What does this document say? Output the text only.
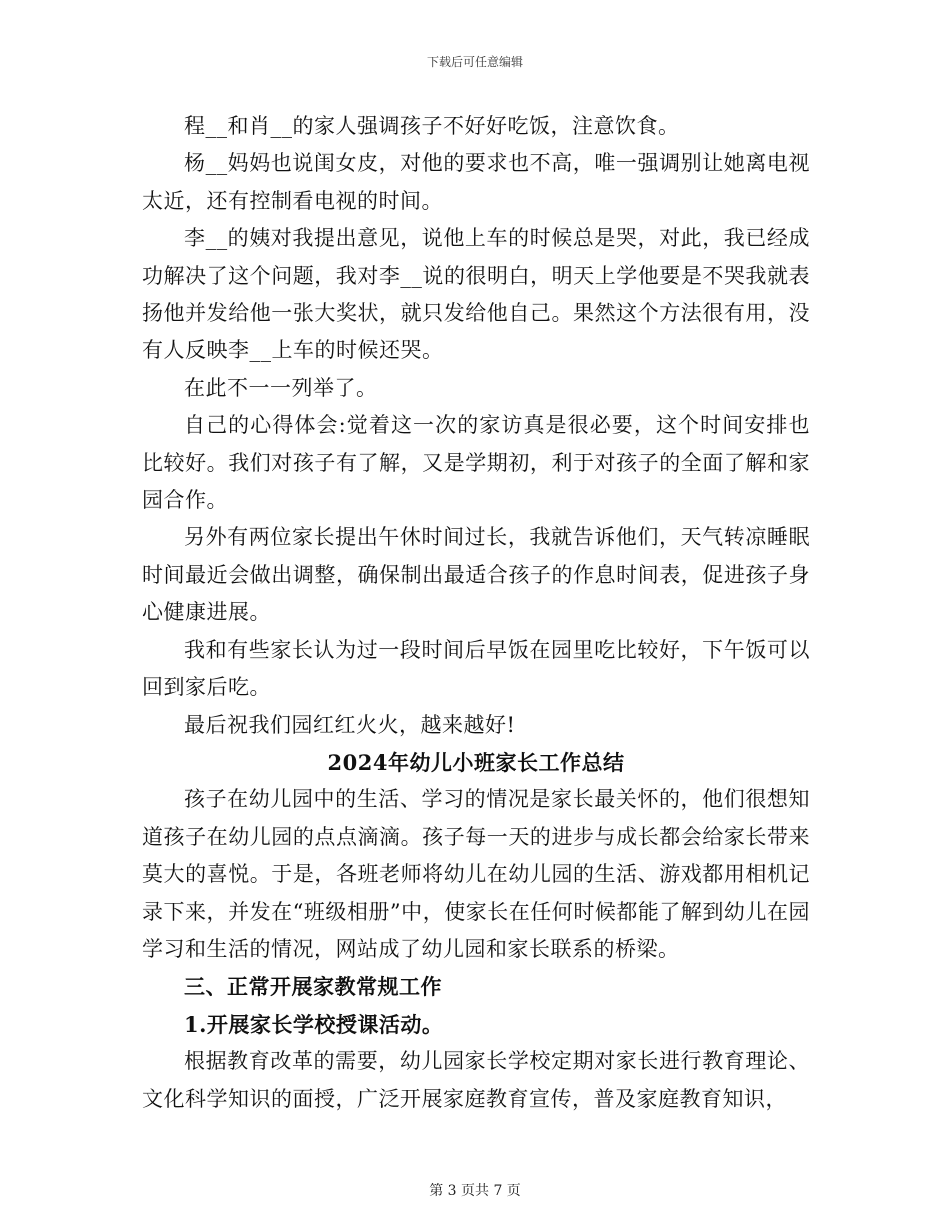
下载后可任意编辑

程__和肖__的家人强调孩子不好好吃饭，注意饮食。

杨__妈妈也说闺女皮，对他的要求也不高，唯一强调别让她离电视太近，还有控制看电视的时间。

李__的姨对我提出意见，说他上车的时候总是哭，对此，我已经成功解决了这个问题，我对李__说的很明白，明天上学他要是不哭我就表扬他并发给他一张大奖状，就只发给他自己。果然这个方法很有用，没有人反映李__上车的时候还哭。

在此不一一列举了。

自己的心得体会:觉着这一次的家访真是很必要，这个时间安排也比较好。我们对孩子有了解，又是学期初，利于对孩子的全面了解和家园合作。

另外有两位家长提出午休时间过长，我就告诉他们，天气转凉睡眠时间最近会做出调整，确保制出最适合孩子的作息时间表，促进孩子身心健康进展。

我和有些家长认为过一段时间后早饭在园里吃比较好，下午饭可以回到家后吃。

最后祝我们园红红火火，越来越好!

2024年幼儿小班家长工作总结

孩子在幼儿园中的生活、学习的情况是家长最关怀的，他们很想知道孩子在幼儿园的点点滴滴。孩子每一天的进步与成长都会给家长带来莫大的喜悦。于是，各班老师将幼儿在幼儿园的生活、游戏都用相机记录下来，并发在“班级相册”中，使家长在任何时候都能了解到幼儿在园学习和生活的情况，网站成了幼儿园和家长联系的桥梁。

三、正常开展家教常规工作

1.开展家长学校授课活动。

根据教育改革的需要，幼儿园家长学校定期对家长进行教育理论、文化科学知识的面授，广泛开展家庭教育宣传，普及家庭教育知识，

第 3 页共 7 页
